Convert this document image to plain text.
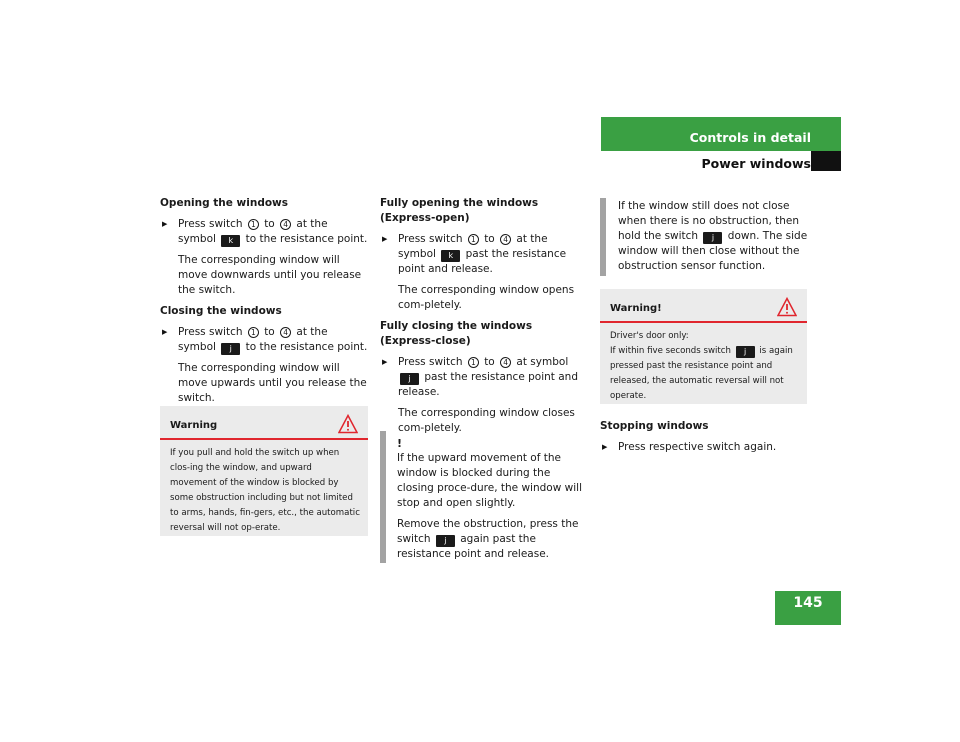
Controls in detail
Power windows
Opening the windows
▶ Press switch 1 to 4 at the symbol k to the resistance point.

The corresponding window will move downwards until you release the switch.

Closing the windows
▶ Press switch 1 to 4 at the symbol j to the resistance point.

The corresponding window will move upwards until you release the switch.

Warning

If you pull and hold the switch up when clos-ing the window, and upward movement of the window is blocked by some obstruction including but not limited to arms, hands, fin-gers, etc., the automatic reversal will not op-erate.

Fully opening the windows
(Express-open)
▶ Press switch 1 to 4 at the symbol k past the resistance point and release.

The corresponding window opens com-pletely.

Fully closing the windows
(Express-close)
▶ Press switch 1 to 4 at symbol j past the resistance point and release.

The corresponding window closes com-pletely.

!

If the upward movement of the window is blocked during the closing proce-dure, the window will stop and open slightly.

Remove the obstruction, press the switch j again past the resistance point and release.

If the window still does not close when there is no obstruction, then hold the switch j down. The side window will then close without the obstruction sensor function.
Warning!

Driver's door only:
If within five seconds switch j is again pressed past the resistance point and released, the automatic reversal will not operate.

Stopping windows
▶ Press respective switch again.
145
